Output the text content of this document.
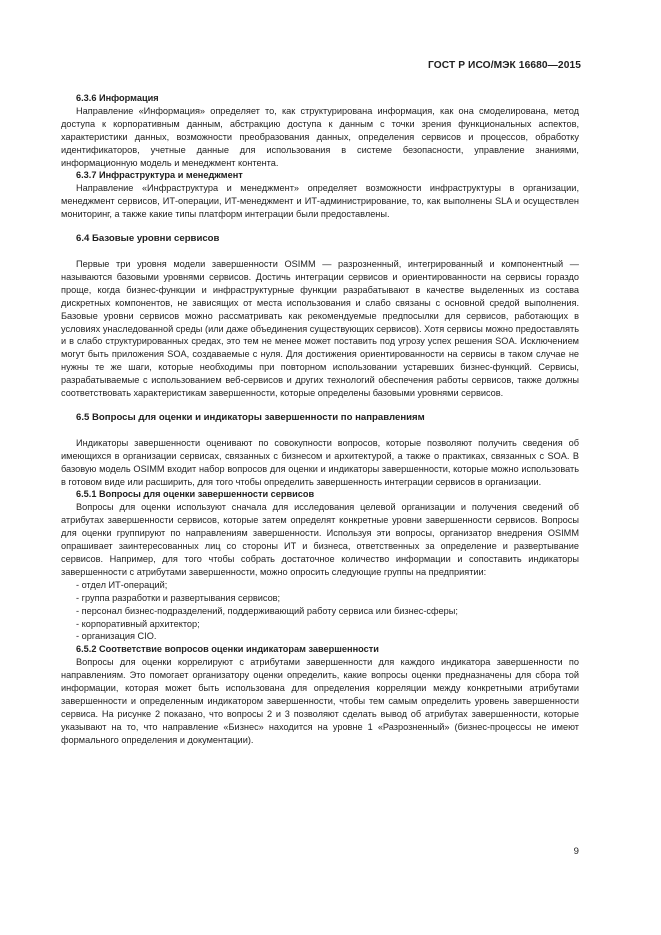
ГОСТ Р ИСО/МЭК 16680—2015
6.3.6 Информация

Направление «Информация» определяет то, как структурирована информация, как она смоделирована, метод доступа к корпоративным данным, абстракцию доступа к данным с точки зрения функциональных аспектов, характеристики данных, возможности преобразования данных, определения сервисов и процессов, обработку идентификаторов, учетные данные для использования в системе безопасности, управление знаниями, информационную модель и менеджмент контента.

6.3.7 Инфраструктура и менеджмент

Направление «Инфраструктура и менеджмент» определяет возможности инфраструктуры в организации, менеджмент сервисов, ИТ-операции, ИТ-менеджмент и ИТ-администрирование, то, как выполнены SLA и осуществлен мониторинг, а также какие типы платформ интеграции были предоставлены.

6.4 Базовые уровни сервисов

Первые три уровня модели завершенности OSIMM — разрозненный, интегрированный и компонентный — называются базовыми уровнями сервисов. Достичь интеграции сервисов и ориентированности на сервисы гораздо проще, когда бизнес-функции и инфраструктурные функции разрабатывают в качестве выделенных из состава дискретных компонентов, не зависящих от места использования и слабо связаны с основной средой выполнения. Базовые уровни сервисов можно рассматривать как рекомендуемые предпосылки для сервисов, работающих в условиях унаследованной среды (или даже объединения существующих сервисов). Хотя сервисы можно предоставлять и в слабо структурированных средах, это тем не менее может поставить под угрозу успех решения SOA. Исключением могут быть приложения SOA, создаваемые с нуля. Для достижения ориентированности на сервисы в таком случае не нужны те же шаги, которые необходимы при повторном использовании устаревших бизнес-функций. Сервисы, разрабатываемые с использованием веб-сервисов и других технологий обеспечения работы сервисов, также должны соответствовать характеристикам завершенности, которые определены базовыми уровнями сервисов.

6.5 Вопросы для оценки и индикаторы завершенности по направлениям

Индикаторы завершенности оценивают по совокупности вопросов, которые позволяют получить сведения об имеющихся в организации сервисах, связанных с бизнесом и архитектурой, а также о практиках, связанных с SOA. В базовую модель OSIMM входит набор вопросов для оценки и индикаторы завершенности, которые можно использовать в готовом виде или расширить, для того чтобы определить завершенность интеграции сервисов в организации.

6.5.1 Вопросы для оценки завершенности сервисов

Вопросы для оценки используют сначала для исследования целевой организации и получения сведений об атрибутах завершенности сервисов, которые затем определят конкретные уровни завершенности сервисов. Вопросы для оценки группируют по направлениям завершенности. Используя эти вопросы, организатор внедрения OSIMM опрашивает заинтересованных лиц со стороны ИТ и бизнеса, ответственных за определение и развертывание сервисов. Например, для того чтобы собрать достаточное количество информации и сопоставить индикаторы завершенности с атрибутами завершенности, можно опросить следующие группы на предприятии:

- отдел ИТ-операций;
- группа разработки и развертывания сервисов;
- персонал бизнес-подразделений, поддерживающий работу сервиса или бизнес-сферы;
- корпоративный архитектор;
- организация CIO.
6.5.2 Соответствие вопросов оценки индикаторам завершенности

Вопросы для оценки коррелируют с атрибутами завершенности для каждого индикатора завершенности по направлениям. Это помогает организатору оценки определить, какие вопросы оценки предназначены для сбора той информации, которая может быть использована для определения корреляции между конкретными атрибутами завершенности и определенным индикатором завершенности, чтобы тем самым определить уровень завершенности сервиса. На рисунке 2 показано, что вопросы 2 и 3 позволяют сделать вывод об атрибутах завершенности, которые указывают на то, что направление «Бизнес» находится на уровне 1 «Разрозненный» (бизнес-процессы не имеют формального определения и документации).

9
